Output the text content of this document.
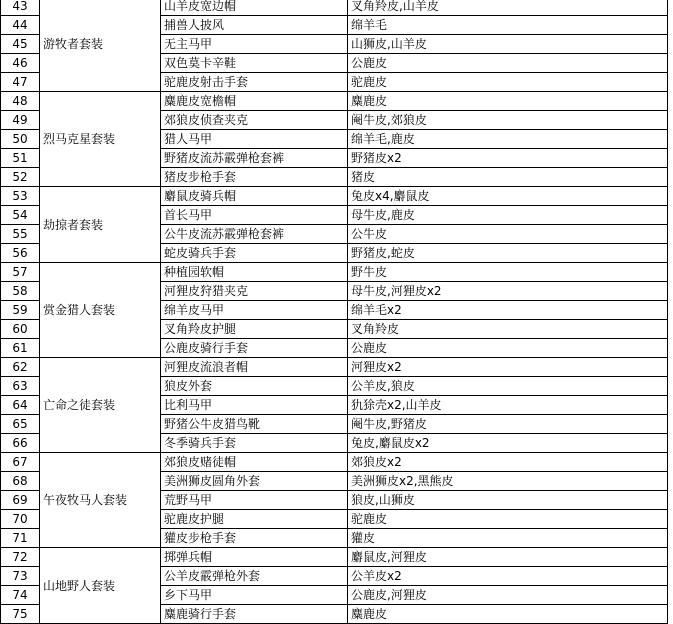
43	游牧者套装	山羊皮宽边帽	叉角羚皮,山羊皮
44		捕兽人披风	绵羊毛
45		无主马甲	山狮皮,山羊皮
46		双色莫卡辛鞋	公鹿皮
47		驼鹿皮射击手套	驼鹿皮
48	烈马克星套装	麋鹿皮宽檐帽	麋鹿皮
49		郊狼皮侦查夹克	阉牛皮,郊狼皮
50		猎人马甲	绵羊毛,鹿皮
51		野猪皮流苏霰弹枪套裤	野猪皮x2
52		猪皮步枪手套	猪皮
53	劫掠者套装	麝鼠皮骑兵帽	兔皮x4,麝鼠皮
54		首长马甲	母牛皮,鹿皮
55		公牛皮流苏霰弹枪套裤	公牛皮
56		蛇皮骑兵手套	野猪皮,蛇皮
57	赏金猎人套装	种植园软帽	野牛皮
58		河狸皮狩猎夹克	母牛皮,河狸皮x2
59		绵羊皮马甲	绵羊毛x2
60		叉角羚皮护腿	叉角羚皮
61		公鹿皮骑行手套	公鹿皮
62	亡命之徒套装	河狸皮流浪者帽	河狸皮x2
63		狼皮外套	公羊皮,狼皮
64		比利马甲	犰狳壳x2,山羊皮
65		野猪公牛皮猎鸟靴	阉牛皮,野猪皮
66		冬季骑兵手套	兔皮,麝鼠皮x2
67	午夜牧马人套装	郊狼皮赌徒帽	郊狼皮x2
68		美洲狮皮圆角外套	美洲狮皮x2,黑熊皮
69		荒野马甲	狼皮,山狮皮
70		驼鹿皮护腿	驼鹿皮
71		獾皮步枪手套	獾皮
72	山地野人套装	掷弹兵帽	麝鼠皮,河狸皮
73		公羊皮霰弹枪外套	公羊皮x2
74		乡下马甲	公鹿皮,河狸皮
75		麋鹿骑行手套	麋鹿皮
